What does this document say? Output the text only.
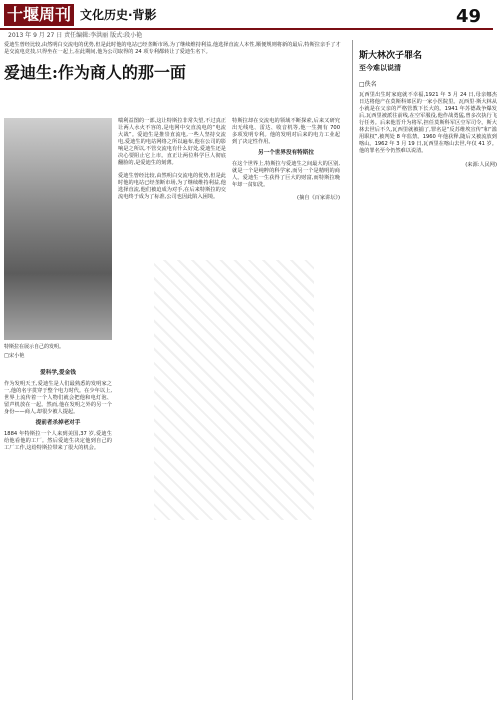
十堰周刊 文化历史·背影	49
2013 年 9 月 27 日 责任编辑:李洪丽 版式:段小艳
爱迪生曾经比较,由然明白交流电的优势,但是此时他的电站已经垄断市场,为了继续维持利益,他选择直流人本性,顺便规则将新的最后,特斯拉亲手了才是交流电竞技,只得坐在一起上,在此期间,他为公司取得的 24 项专利都转让了爱迪生名下。
爱迪生:作为商人的那一面
特斯拉在展示自己的发明。
□宋小艳
爱科学,爱金钱
作为发明天王,爱迪生是人们最熟悉的发明家之一,他的名字贯穿于整个电力时代。在少年以上,世界上流传着一个人物们就会把他和电灯泡、留声机放在一起。然而,他在发明之外的另一个身份——商人,却很少被人提起。
提前者杀掉老对手
1884 年特斯拉一个人来到美国,37 岁,爱迪生给他看他的工厂。然后爱迪生决定他到自己的工厂工作,这给特斯拉带来了很大的机会。
喘利益图的一部,这让特斯拉非常失望,不过真正让两人水火不容的,是电网中交直流电的“电流大战”。爱迪生是推崇直流电,一些人坚持交流电,爱迪生的电站网络之所以遍布,他在公司的影响是之所以,不管交流电有什么好处,爱迪生还是决心要阻止它上市。直正让两位科学巨人彻底翻脸的,是爱迪生的刻薄。
爱迪生曾经比较,由然明白交流电的优势,但是此时他的电站已经垄断市场,为了继续维持利益,他选择直流,他们被迫成为对手,在后来特斯拉的交流电终于成为了标准,公司也因此陷入困境。
特斯拉却在交流电的领域不断探索,后来又研究出无线电、雷达、收音机等,他一生拥有 700 多项发明专利。他的发明对后来的电力工业起到了决定性作用。
另一个世界没有特斯拉
在这个世界上,特斯拉与爱迪生之间最大的区别,就是一个是纯粹的科学家,而另一个是精明的商人。爱迪生一生获得了巨大的财富,而特斯拉晚年却一贫如洗。
(摘自《百家讲坛》)
斯大林次子罪名
至今难以说清
□佚名
瓦西里出生时家庭就不幸福,1921 年 3 月 24 日,母亲娜杰日达将他产在莫斯科郊区的一家小医院里。瓦西里·斯大林从小就是在父亲的严格管教下长大的。1941 年苏德战争爆发后,瓦西里被派往前线,在空军服役,他作战勇猛,曾多次执行飞行任务。后来他晋升为将军,担任莫斯科军区空军司令。斯大林去世后不久,瓦西里就被捕了,罪名是“反苏维埃宣传”和“滥用职权”,被判处 8 年监禁。1960 年他获释,随后又被流放到喀山。1962 年 3 月 19 日,瓦西里在喀山去世,年仅 41 岁。他的罪名至今仍然难以说清。
(来源:人民网)
